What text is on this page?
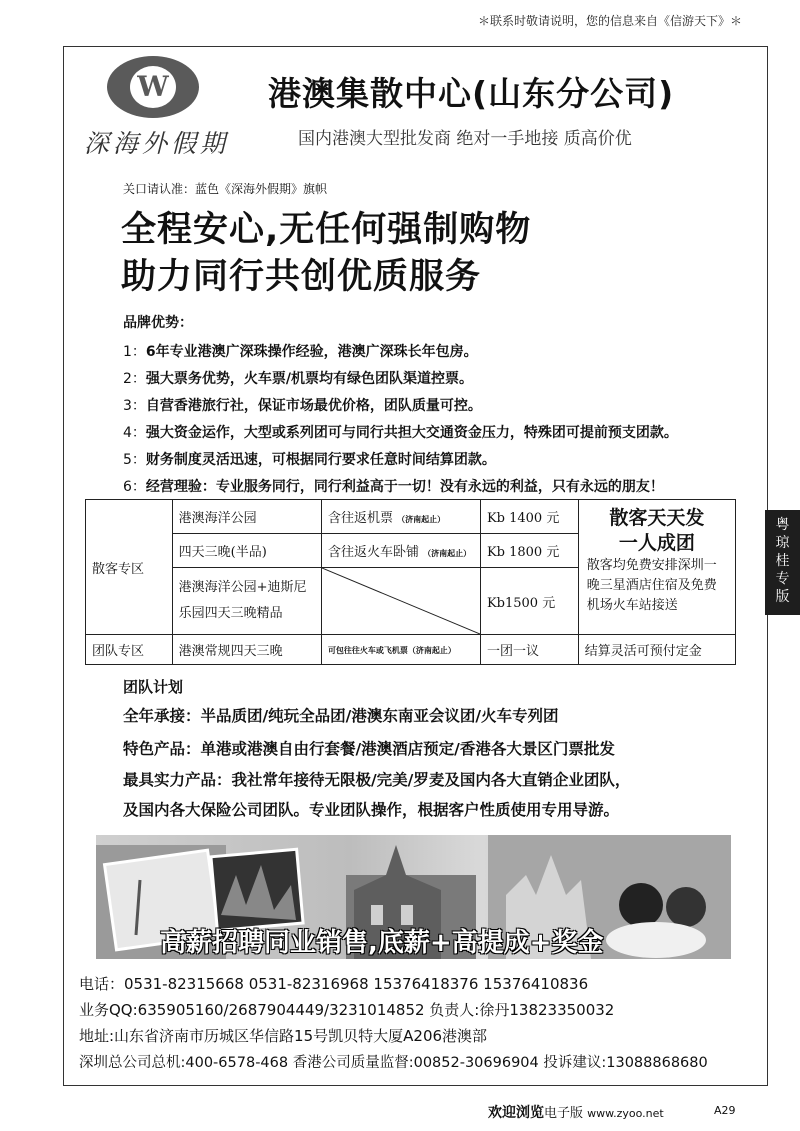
＊联系时敬请说明，您的信息来自《信游天下》＊
W
深海外假期
港澳集散中心(山东分公司)
国内港澳大型批发商 绝对一手地接 质高价优
关口请认准：蓝色《深海外假期》旗帜
全程安心,无任何强制购物
助力同行共创优质服务
品牌优势：
1：6年专业港澳广深珠操作经验，港澳广深珠长年包房。
2：强大票务优势，火车票/机票均有绿色团队渠道控票。
3：自营香港旅行社，保证市场最优价格，团队质量可控。
4：强大资金运作，大型或系列团可与同行共担大交通资金压力，特殊团可提前预支团款。
5：财务制度灵活迅速，可根据同行要求任意时间结算团款。
6：经营理验：专业服务同行，同行利益高于一切！没有永远的利益，只有永远的朋友！
散客专区	港澳海洋公园	含往返机票 （济南起止）	Kb 1400 元	散客天天发
一人成团
散客均免费安排深圳一晚三星酒店住宿及免费机场火车站接送

	四天三晚(半品)	含往返火车卧铺 （济南起止）	Kb 1800 元	

	港澳海洋公园+迪斯尼
乐园四天三晚精品		Kb1500 元	

团队专区	港澳常规四天三晚	可包往往火车或飞机票（济南起止）	一团一议	结算灵活可预付定金
粤
琼
桂
专
版
团队计划
全年承接：半品质团/纯玩全品团/港澳东南亚会议团/火车专列团
特色产品：单港或港澳自由行套餐/港澳酒店预定/香港各大景区门票批发
最具实力产品：我社常年接待无限极/完美/罗麦及国内各大直销企业团队，
及国内各大保险公司团队。专业团队操作，根据客户性质使用专用导游。
高薪招聘同业销售,底薪+高提成+奖金
电话：0531-82315668 0531-82316968 15376418376 15376410836
业务QQ:635905160/2687904449/3231014852 负责人:徐丹13823350032
地址:山东省济南市历城区华信路15号凯贝特大厦A206港澳部
深圳总公司总机:400-6578-468 香港公司质量监督:00852-30696904 投诉建议:13088868680
欢迎浏览电子版 www.zyoo.net	A29
